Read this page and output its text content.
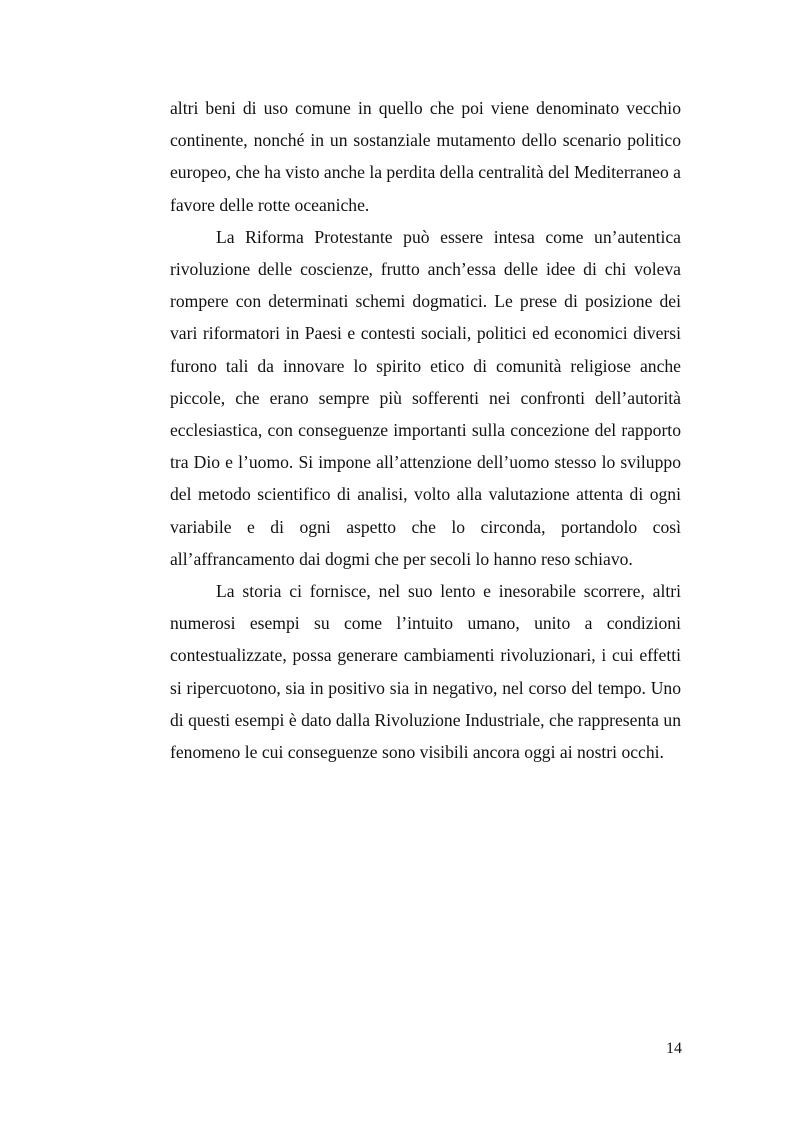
altri beni di uso comune in quello che poi viene denominato vecchio continente, nonché in un sostanziale mutamento dello scenario politico europeo, che ha visto anche la perdita della centralità del Mediterraneo a favore delle rotte oceaniche.

La Riforma Protestante può essere intesa come un’autentica rivoluzione delle coscienze, frutto anch’essa delle idee di chi voleva rompere con determinati schemi dogmatici. Le prese di posizione dei vari riformatori in Paesi e contesti sociali, politici ed economici diversi furono tali da innovare lo spirito etico di comunità religiose anche piccole, che erano sempre più sofferenti nei confronti dell’autorità ecclesiastica, con conseguenze importanti sulla concezione del rapporto tra Dio e l’uomo. Si impone all’attenzione dell’uomo stesso lo sviluppo del metodo scientifico di analisi, volto alla valutazione attenta di ogni variabile e di ogni aspetto che lo circonda, portandolo così all’affrancamento dai dogmi che per secoli lo hanno reso schiavo.

La storia ci fornisce, nel suo lento e inesorabile scorrere, altri numerosi esempi su come l’intuito umano, unito a condizioni contestualizzate, possa generare cambiamenti rivoluzionari, i cui effetti si ripercuotono, sia in positivo sia in negativo, nel corso del tempo. Uno di questi esempi è dato dalla Rivoluzione Industriale, che rappresenta un fenomeno le cui conseguenze sono visibili ancora oggi ai nostri occhi.

14
